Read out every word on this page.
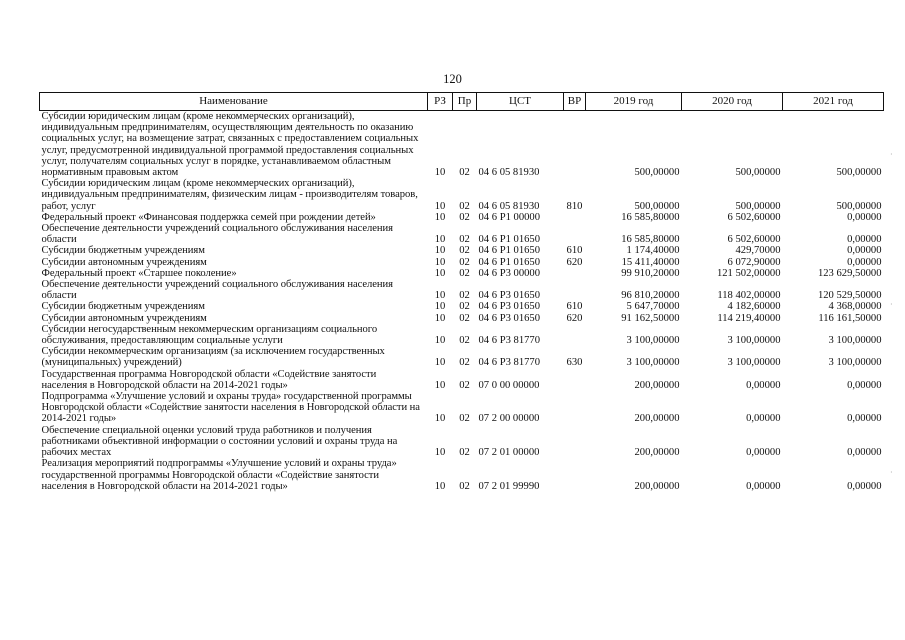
120
Наименование	РЗ	Пр	ЦСТ	ВР	2019 год	2020 год	2021 год
Субсидии юридическим лицам (кроме некоммерческих организаций), индивидуальным предпринимателям, осуществляющим деятельность по оказанию социальных услуг, на возмещение затрат, связанных с предоставлением социальных услуг, предусмотренной индивидуальной программой предоставления социальных услуг, получателям социальных услуг в порядке, устанавливаемом областным нормативным правовым актом	10	02	04 6 05 81930		500,00000	500,00000	500,00000
Субсидии юридическим лицам (кроме некоммерческих организаций), индивидуальным предпринимателям, физическим лицам - производителям товаров, работ, услуг	10	02	04 6 05 81930	810	500,00000	500,00000	500,00000
Федеральный проект «Финансовая поддержка семей при рождении детей»	10	02	04 6 P1 00000		16 585,80000	6 502,60000	0,00000
Обеспечение деятельности учреждений социального обслуживания населения области	10	02	04 6 P1 01650		16 585,80000	6 502,60000	0,00000
Субсидии бюджетным учреждениям	10	02	04 6 P1 01650	610	1 174,40000	429,70000	0,00000
Субсидии автономным учреждениям	10	02	04 6 P1 01650	620	15 411,40000	6 072,90000	0,00000
Федеральный проект «Старшее поколение»	10	02	04 6 P3 00000		99 910,20000	121 502,00000	123 629,50000
Обеспечение деятельности учреждений социального обслуживания населения области	10	02	04 6 P3 01650		96 810,20000	118 402,00000	120 529,50000
Субсидии бюджетным учреждениям	10	02	04 6 P3 01650	610	5 647,70000	4 182,60000	4 368,00000
Субсидии автономным учреждениям	10	02	04 6 P3 01650	620	91 162,50000	114 219,40000	116 161,50000
Субсидии негосударственным некоммерческим организациям социального обслуживания, предоставляющим социальные услуги	10	02	04 6 P3 81770		3 100,00000	3 100,00000	3 100,00000
Субсидии некоммерческим организациям (за исключением государственных (муниципальных) учреждений)	10	02	04 6 P3 81770	630	3 100,00000	3 100,00000	3 100,00000
Государственная программа Новгородской области «Содействие занятости населения в Новгородской области на 2014-2021 годы»	10	02	07 0 00 00000		200,00000	0,00000	0,00000
Подпрограмма «Улучшение условий и охраны труда» государственной программы Новгородской области «Содействие занятости населения в Новгородской области на 2014-2021 годы»	10	02	07 2 00 00000		200,00000	0,00000	0,00000
Обеспечение специальной оценки условий труда работников и получения работниками объективной информации о состоянии условий и охраны труда на рабочих местах	10	02	07 2 01 00000		200,00000	0,00000	0,00000
Реализация мероприятий подпрограммы «Улучшение условий и охраны труда» государственной программы Новгородской области «Содействие занятости населения в Новгородской области на 2014-2021 годы»	10	02	07 2 01 99990		200,00000	0,00000	0,00000
·
·
·
